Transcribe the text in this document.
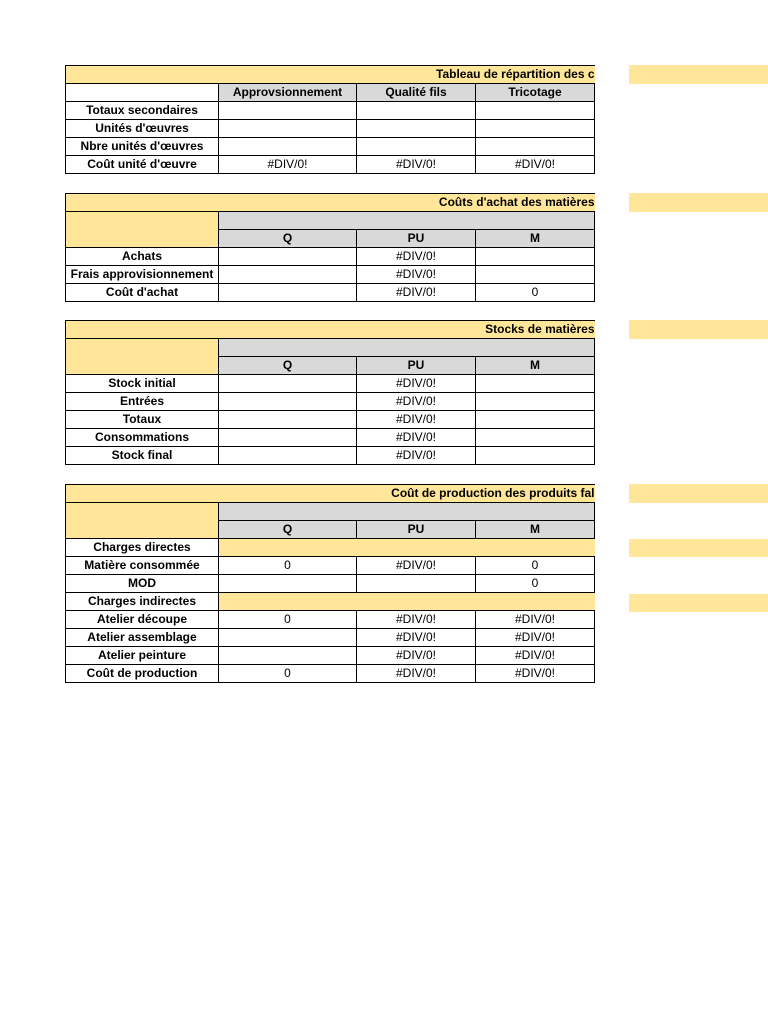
Tableau de répartition des c			

	Approvsionnement	Qualité fils	Tricotage
Totaux secondaires			
Unités d'œuvres			
Nbre unités d'œuvres			
Coût unité d'œuvre	#DIV/0!	#DIV/0!	#DIV/0!
Coûts d'achat des matières			

	Q	PU	M
Achats		#DIV/0!	
Frais approvisionnement		#DIV/0!	
Coût d'achat		#DIV/0!	0
Stocks de matières			

	Q	PU	M
Stock initial		#DIV/0!	
Entrées		#DIV/0!	
Totaux		#DIV/0!	
Consommations		#DIV/0!	
Stock final		#DIV/0!	
Coût de production des produits fal			

	Q	PU	M
Charges directes			
Matière consommée	0	#DIV/0!	0
MOD			0
Charges indirectes			
Atelier découpe	0	#DIV/0!	#DIV/0!
Atelier assemblage		#DIV/0!	#DIV/0!
Atelier peinture		#DIV/0!	#DIV/0!
Coût de production	0	#DIV/0!	#DIV/0!
